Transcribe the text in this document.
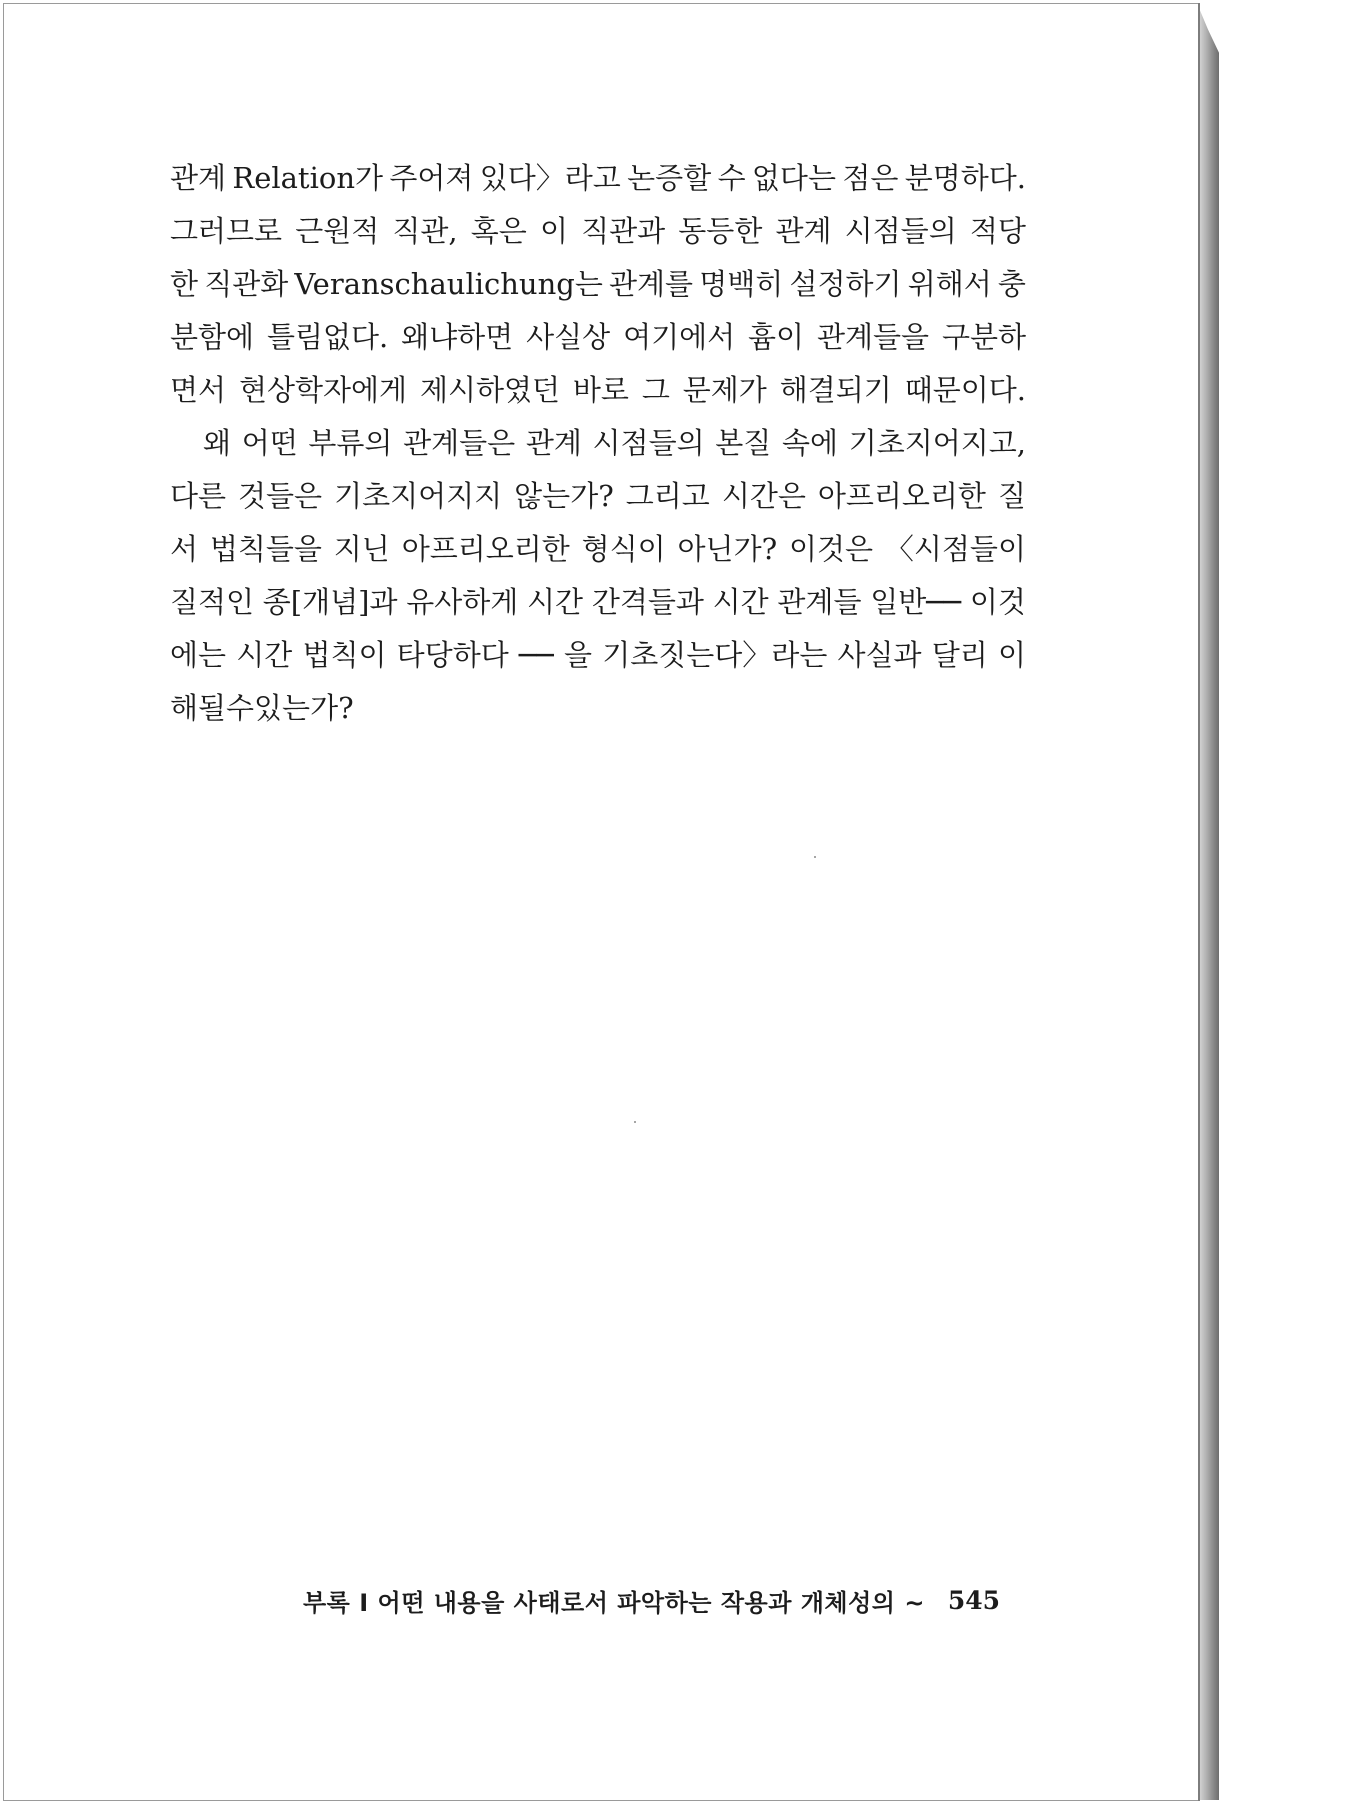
관계 Relation가 주어져 있다〉라고 논증할 수 없다는 점은 분명하다.
그러므로 근원적 직관, 혹은 이 직관과 동등한 관계 시점들의 적당
한 직관화 Veranschaulichung는 관계를 명백히 설정하기 위해서 충
분함에 틀림없다. 왜냐하면 사실상 여기에서 흄이 관계들을 구분하
면서 현상학자에게 제시하였던 바로 그 문제가 해결되기 때문이다.
왜 어떤 부류의 관계들은 관계 시점들의 본질 속에 기초지어지고,
다른 것들은 기초지어지지 않는가? 그리고 시간은 아프리오리한 질
서 법칙들을 지닌 아프리오리한 형식이 아닌가? 이것은 〈시점들이
질적인 종[개념]과 유사하게 시간 간격들과 시간 관계들 일반── 이것
에는 시간 법칙이 타당하다 ── 을 기초짓는다〉라는 사실과 달리 이
해될 수 있는가?
부록 Ⅰ 어떤 내용을 사태로서 파악하는 작용과 개체성의 ~ 545
